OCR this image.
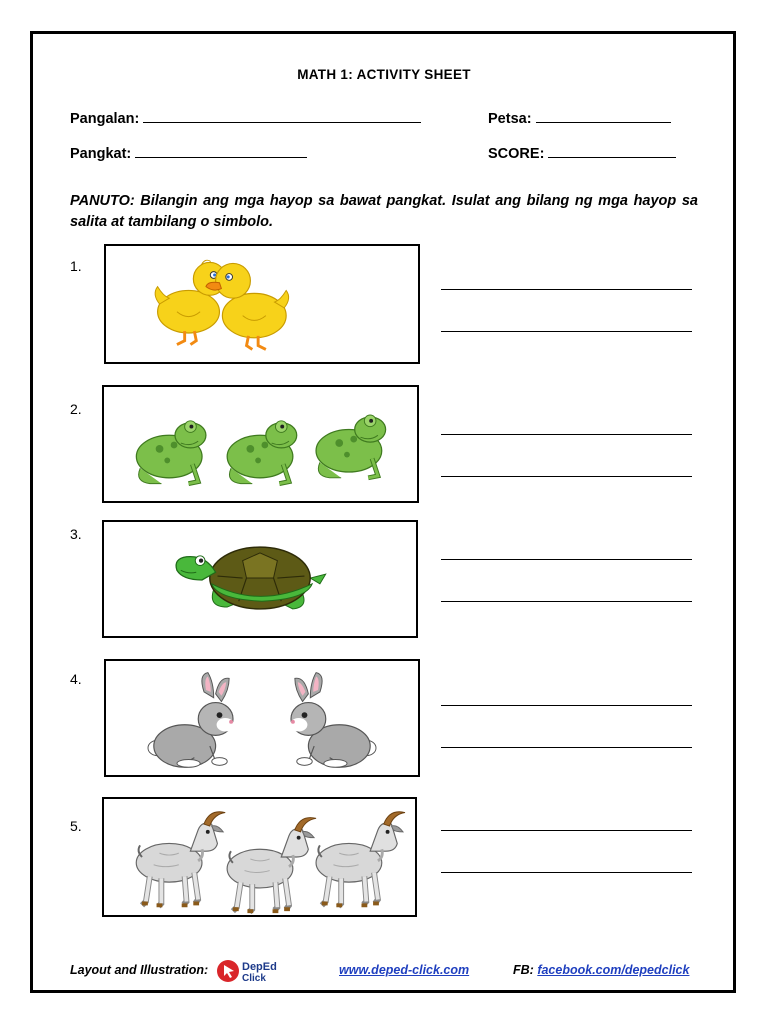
MATH 1: ACTIVITY SHEET
Pangalan:	Petsa:
Pangkat:	SCORE:
PANUTO: Bilangin ang mga hayop sa bawat pangkat. Isulat ang bilang ng mga hayop sa salita at tambilang o simbolo.
1.
2.
3.
4.
5.
Layout and Illustration:	DepEd
Click
www.deped-click.com	FB: facebook.com/depedclick
